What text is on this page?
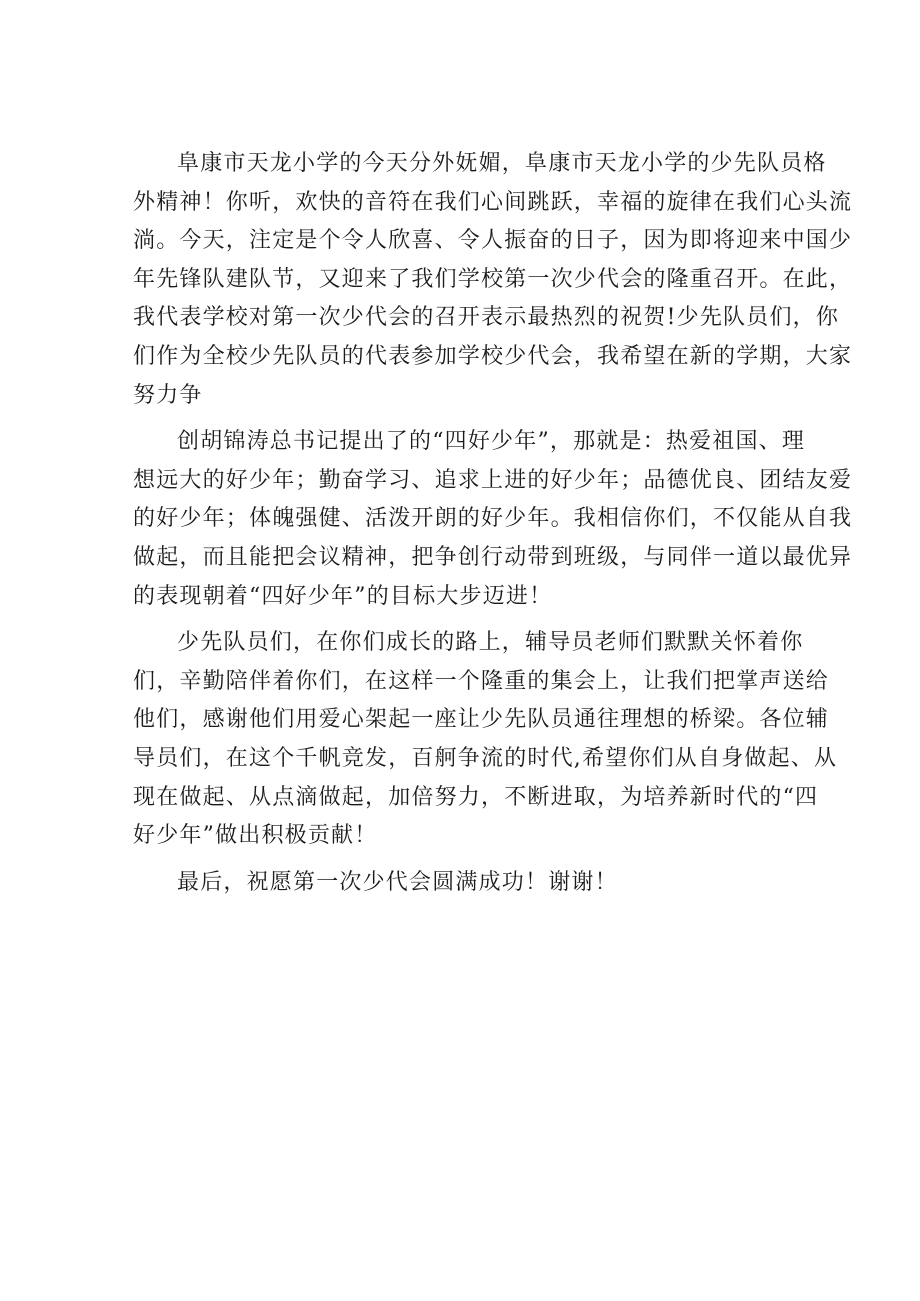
阜康市天龙小学的今天分外妩媚，阜康市天龙小学的少先队员格
外精神！你听，欢快的音符在我们心间跳跃，幸福的旋律在我们心头流
淌。今天，注定是个令人欣喜、令人振奋的日子，因为即将迎来中国少
年先锋队建队节，又迎来了我们学校第一次少代会的隆重召开。在此，
我代表学校对第一次少代会的召开表示最热烈的祝贺!少先队员们，你
们作为全校少先队员的代表参加学校少代会，我希望在新的学期，大家
努力争

创胡锦涛总书记提出了的“四好少年”，那就是：热爱祖国、理
想远大的好少年；勤奋学习、追求上进的好少年；品德优良、团结友爱
的好少年；体魄强健、活泼开朗的好少年。我相信你们，不仅能从自我
做起，而且能把会议精神，把争创行动带到班级，与同伴一道以最优异
的表现朝着“四好少年”的目标大步迈进！

少先队员们，在你们成长的路上，辅导员老师们默默关怀着你
们，辛勤陪伴着你们，在这样一个隆重的集会上，让我们把掌声送给
他们，感谢他们用爱心架起一座让少先队员通往理想的桥梁。各位辅
导员们，在这个千帆竞发，百舸争流的时代,希望你们从自身做起、从
现在做起、从点滴做起，加倍努力，不断进取，为培养新时代的“四
好少年”做出积极贡献！

最后，祝愿第一次少代会圆满成功！谢谢！
